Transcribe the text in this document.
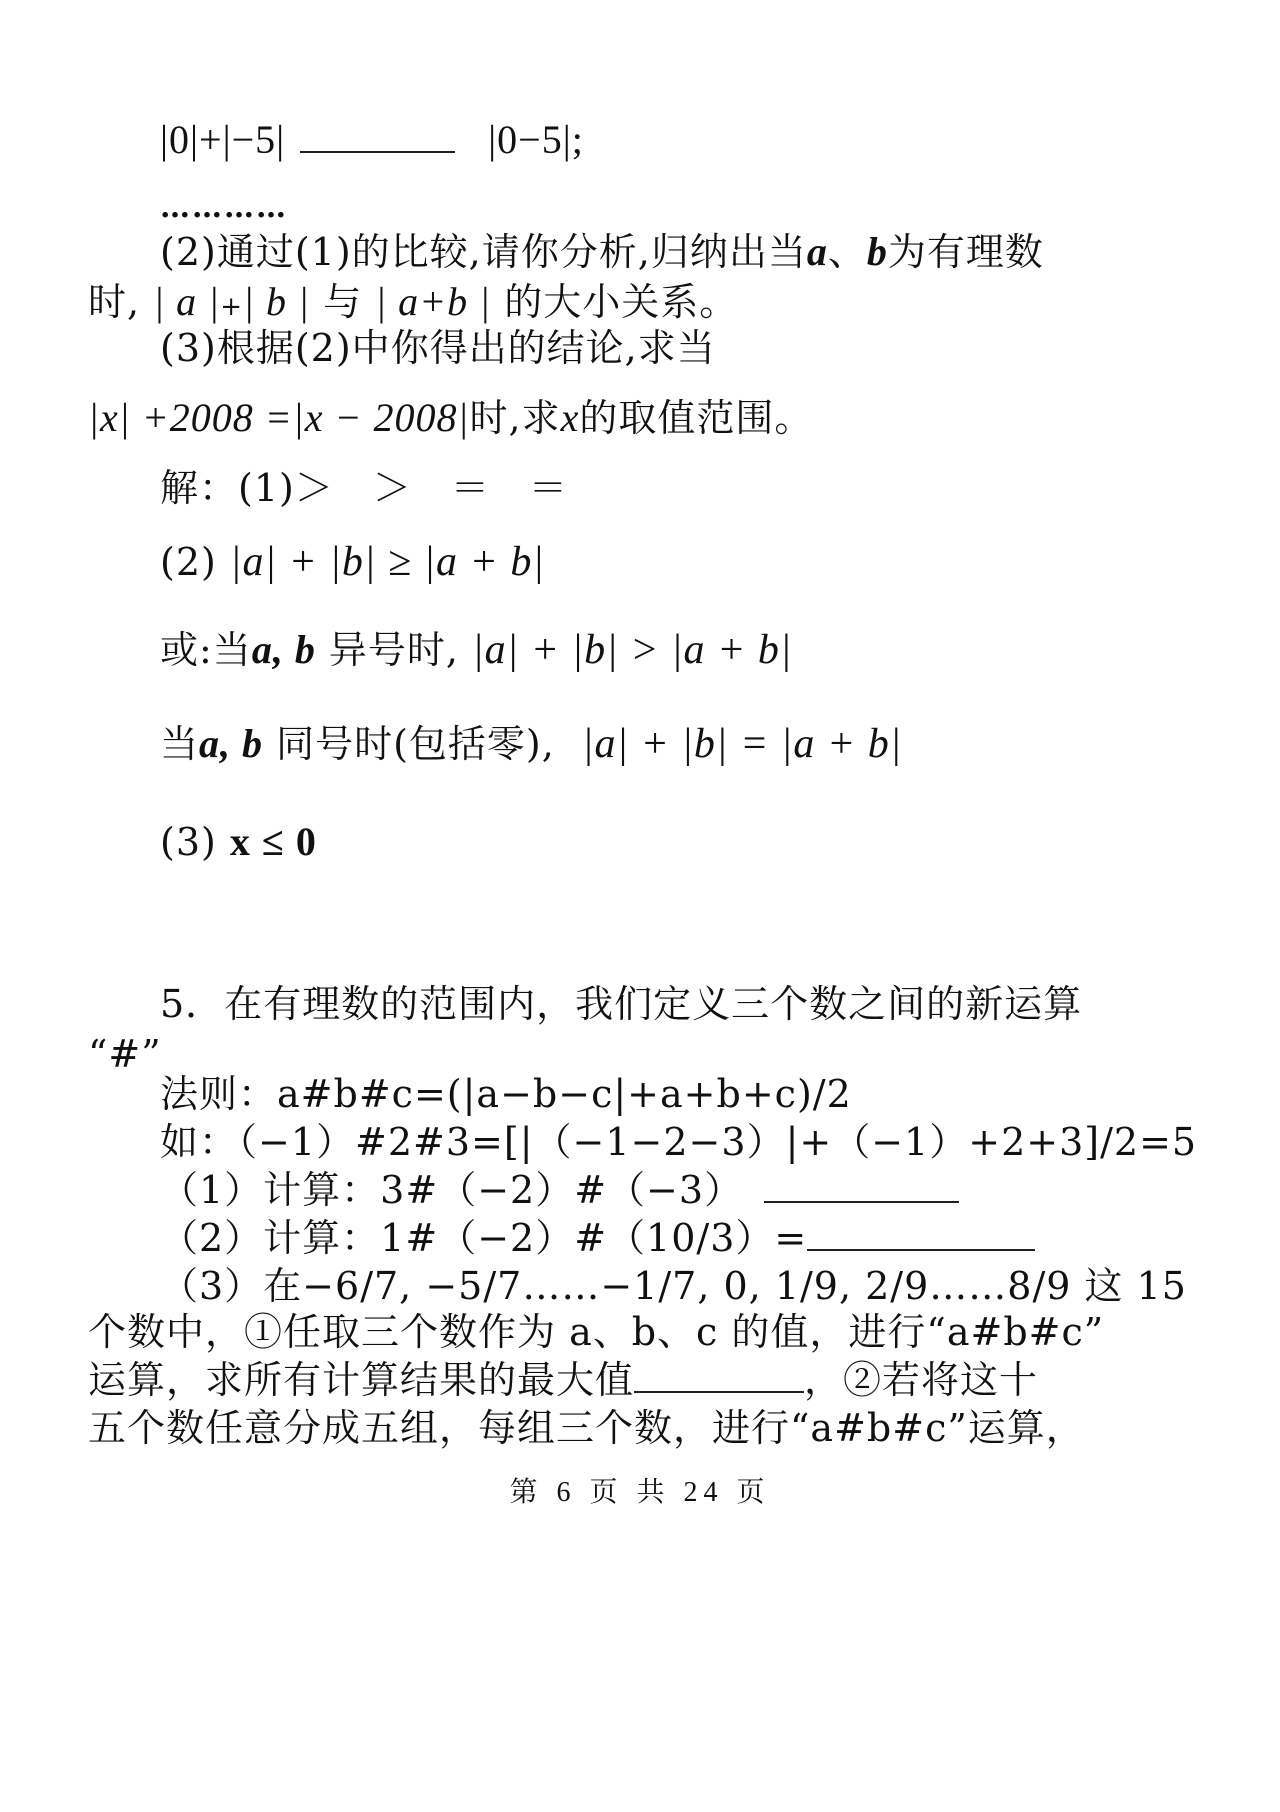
|0|+|−5|	|0−5|;
…………
(2)通过(1)的比较,请你分析,归纳出当a、b为有理数
时, | a |+| b | 与 | a+b | 的大小关系。
(3)根据(2)中你得出的结论,求当
|x| +2008 =|x − 2008|时,求x的取值范围。
解：(1)＞　＞　＝　＝
(2) |a| + |b| ≥ |a + b|
或:当a, b 异号时, |a| + |b| > |a + b|
当a, b 同号时(包括零), |a| + |b| = |a + b|
(3) x ≤ 0
5．在有理数的范围内，我们定义三个数之间的新运算
“#”
法则：a#b#c=(|a−b−c|+a+b+c)/2
如：（−1）#2#3=[|（−1−2−3）|+（−1）+2+3]/2=5
（1）计算：3#（−2）#（−3）
（2）计算：1#（−2）#（10/3）=
（3）在−6/7, −5/7……−1/7, 0, 1/9, 2/9……8/9 这 15
个数中，①任取三个数作为 a、b、c 的值，进行“a#b#c”
运算，求所有计算结果的最大值	，②若将这十
五个数任意分成五组，每组三个数，进行“a#b#c”运算，
第 6 页 共 24 页
